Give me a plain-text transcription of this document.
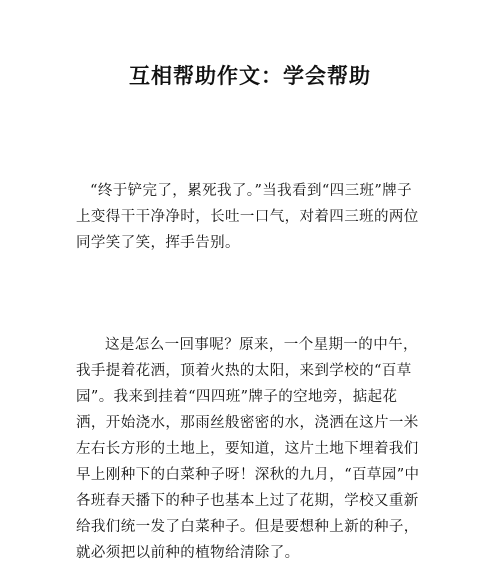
互相帮助作文：学会帮助

“终于铲完了，累死我了。”当我看到“四三班”牌子上变得干干净净时，长吐一口气，对着四三班的两位同学笑了笑，挥手告别。

这是怎么一回事呢？原来，一个星期一的中午，我手提着花洒，顶着火热的太阳，来到学校的“百草园”。我来到挂着“四四班”牌子的空地旁，掂起花洒，开始浇水，那雨丝般密密的水，浇洒在这片一米左右长方形的土地上，要知道，这片土地下埋着我们早上刚种下的白菜种子呀！深秋的九月，“百草园”中各班春天播下的种子也基本上过了花期，学校又重新给我们统一发了白菜种子。但是要想种上新的种子，就必须把以前种的植物给清除了。
